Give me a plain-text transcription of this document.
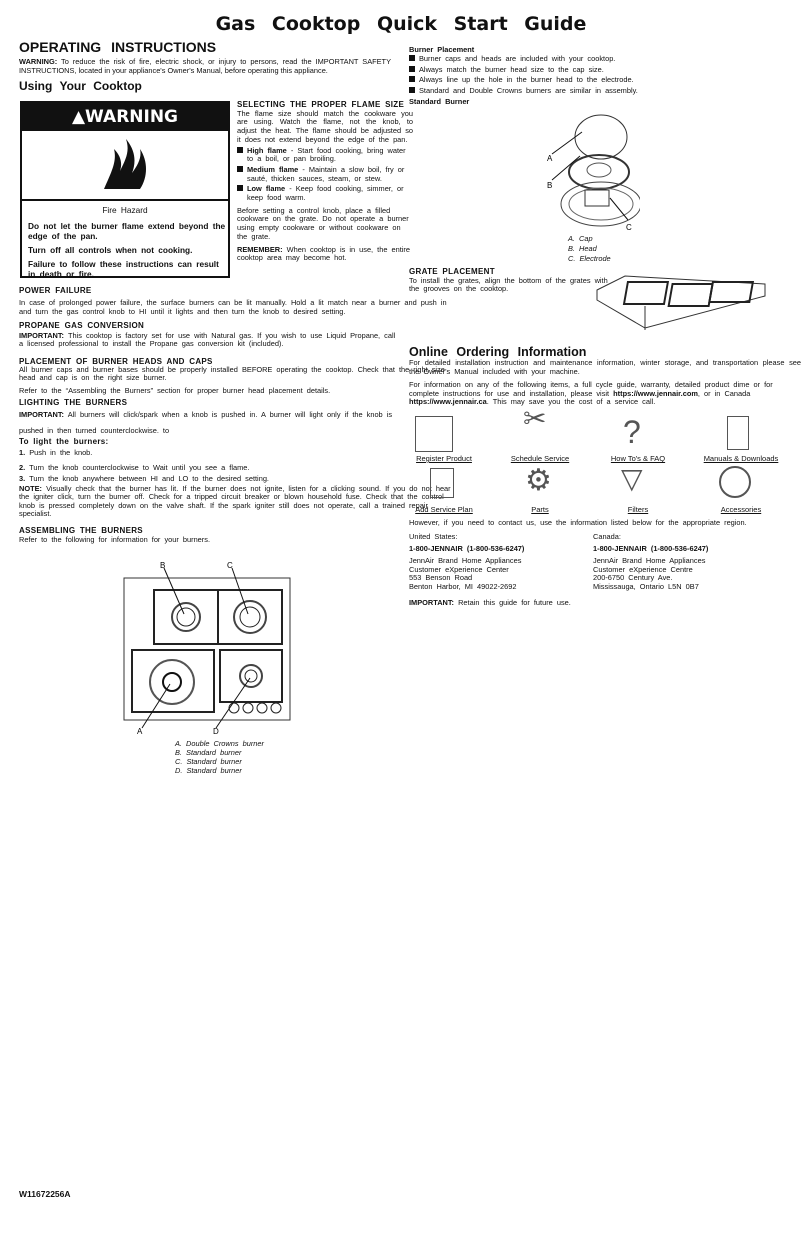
Gas Cooktop Quick Start Guide
OPERATING INSTRUCTIONS

WARNING: To reduce the risk of fire, electric shock, or injury to persons, read the IMPORTANT SAFETY INSTRUCTIONS, located in your appliance's Owner's Manual, before operating this appliance.

Using Your Cooktop
▲WARNING
Fire Hazard

Do not let the burner flame extend beyond the edge of the pan.

Turn off all controls when not cooking.

Failure to follow these instructions can result in death or fire.

SELECTING THE PROPER FLAME SIZE

The flame size should match the cookware you are using. Watch the flame, not the knob, to adjust the heat. The flame should be adjusted so it does not extend beyond the edge of the pan.

High flame - Start food cooking, bring water to a boil, or pan broiling.

Medium flame - Maintain a slow boil, fry or sauté, thicken sauces, steam, or stew.

Low flame - Keep food cooking, simmer, or keep food warm.

Before setting a control knob, place a filled cookware on the grate. Do not operate a burner using empty cookware or without cookware on the grate.

REMEMBER: When cooktop is in use, the entire cooktop area may become hot.

POWER FAILURE

In case of prolonged power failure, the surface burners can be lit manually. Hold a lit match near a burner and push in and turn the gas control knob to HI until it lights and then turn the knob to desired setting.

PROPANE GAS CONVERSION

IMPORTANT: This cooktop is factory set for use with Natural gas. If you wish to use Liquid Propane, call a licensed professional to install the Propane gas conversion kit (included).

PLACEMENT OF BURNER HEADS AND CAPS

All burner caps and burner bases should be properly installed BEFORE operating the cooktop. Check that the right size head and cap is on the right size burner.

Refer to the “Assembling the Burners” section for proper burner head placement details.

LIGHTING THE BURNERS

IMPORTANT: All burners will click/spark when a knob is pushed in. A burner will light only if the knob is

pushed in then turned counterclockwise. to

To light the burners:

1. Push in the knob.

2. Turn the knob counterclockwise to Wait until you see a flame.

3. Turn the knob anywhere between HI and LO to the desired setting.

NOTE: Visually check that the burner has lit. If the burner does not ignite, listen for a clicking sound. If you do not hear the igniter click, turn the burner off. Check for a tripped circuit breaker or blown household fuse. Check that the control knob is pressed completely down on the valve shaft. If the spark igniter still does not operate, call a trained repair specialist.

ASSEMBLING THE BURNERS

Refer to the following for information for your burners.

A
B	C
D
A. Double Crowns burner
B. Standard burner
C. Standard burner
D. Standard burner
Burner Placement
Burner caps and heads are included with your cooktop.
Always match the burner head size to the cap size.
Always line up the hole in the burner head to the electrode.
Standard and Double Crowns burners are similar in assembly.
Standard Burner
A
B
C
A. Cap
B. Head
C. Electrode
GRATE PLACEMENT

To install the grates, align the bottom of the grates with the grooves on the cooktop.

Online Ordering Information

For detailed installation instruction and maintenance information, winter storage, and transportation please see the Owner's Manual included with your machine.

For information on any of the following items, a full cycle guide, warranty, detailed product dime or for complete instructions for use and installation, please visit https://www.jennair.com, or in Canada https://www.jennair.ca. This may save you the cost of a service call.

✂ ?
⚙ ▽
Register Product	Schedule Service	How To's & FAQ	Manuals & Downloads
Add Service Plan	Parts	Filters	Accessories
However, if you need to contact us, use the information listed below for the appropriate region.
United States:
1-800-JENNAIR (1-800-536-6247)
JennAir Brand Home Appliances
Customer eXperience Center
553 Benson Road
Benton Harbor, MI 49022-2692
Canada:
1-800-JENNAIR (1-800-536-6247)
JennAir Brand Home Appliances
Customer eXperience Centre
200-6750 Century Ave.
Mississauga, Ontario L5N 0B7

IMPORTANT: Retain this guide for future use.

W11672256A
